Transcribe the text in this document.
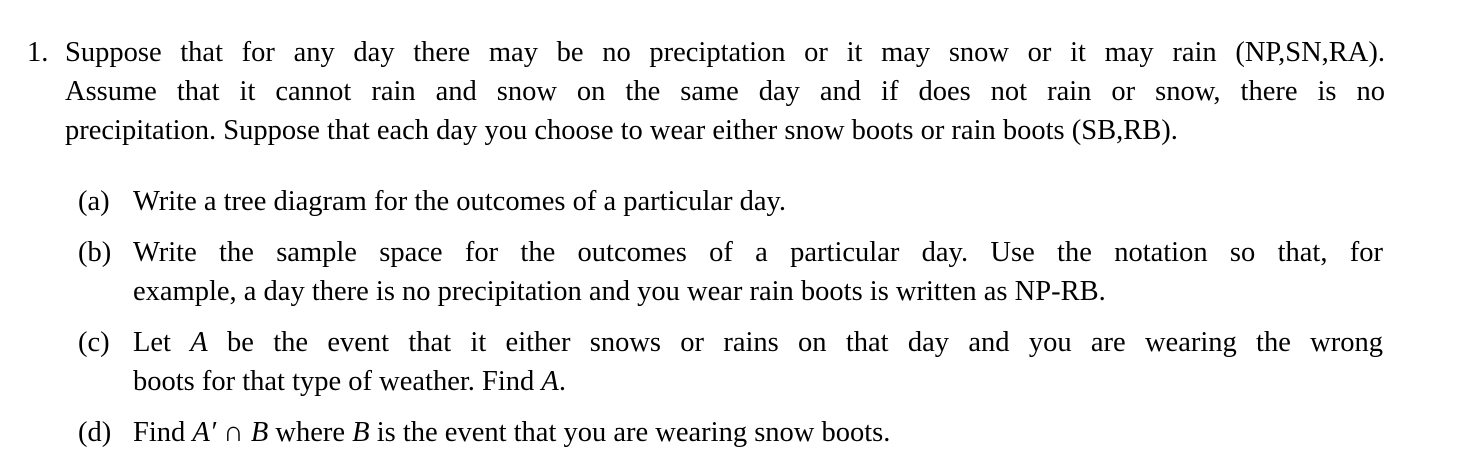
1. Suppose that for any day there may be no preciptation or it may snow or it may rain (NP,SN,RA).
Assume that it cannot rain and snow on the same day and if does not rain or snow, there is no
precipitation. Suppose that each day you choose to wear either snow boots or rain boots (SB,RB).
(a) Write a tree diagram for the outcomes of a particular day.
(b) Write the sample space for the outcomes of a particular day. Use the notation so that, for
example, a day there is no precipitation and you wear rain boots is written as NP-RB.
(c) Let A be the event that it either snows or rains on that day and you are wearing the wrong
boots for that type of weather. Find A.
(d) Find A′ ∩ B where B is the event that you are wearing snow boots.
